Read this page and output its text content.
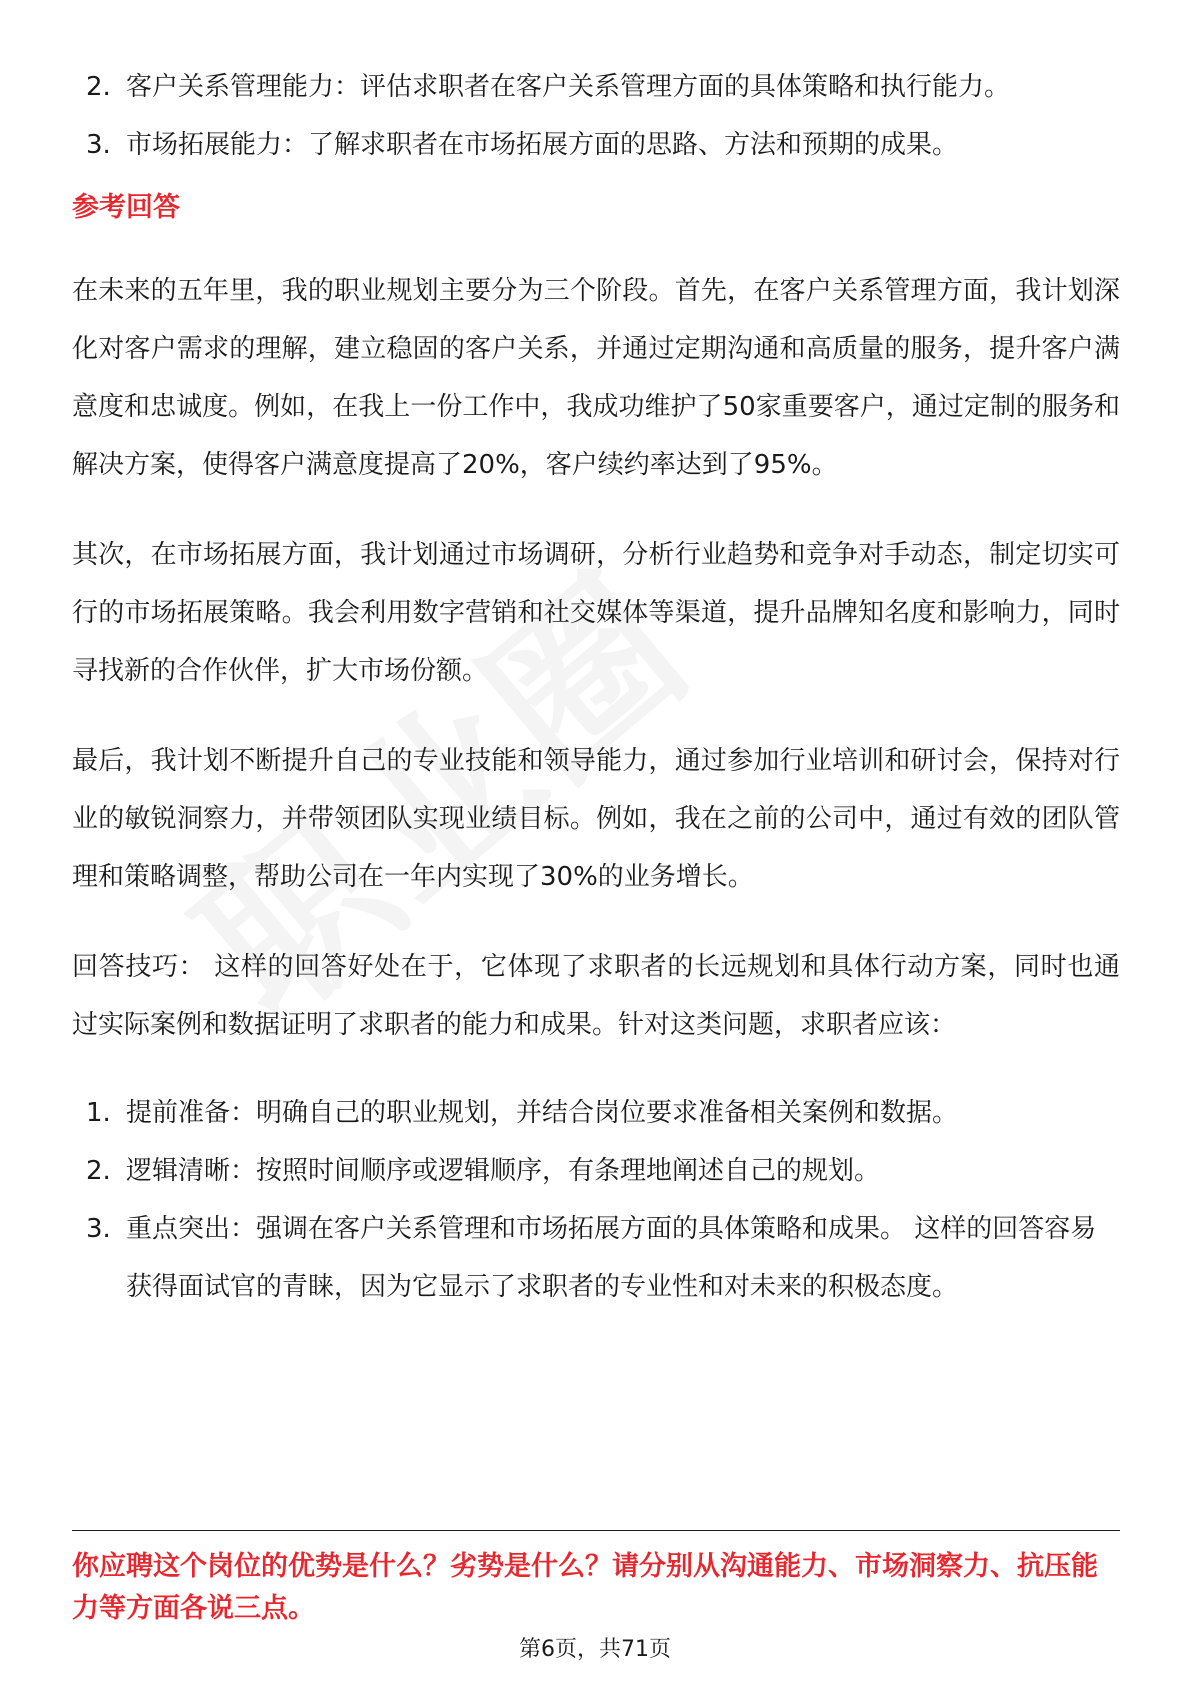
2. 客户关系管理能力：评估求职者在客户关系管理方面的具体策略和执行能力。
3. 市场拓展能力：了解求职者在市场拓展方面的思路、方法和预期的成果。
参考回答

在未来的五年里，我的职业规划主要分为三个阶段。首先，在客户关系管理方面，我计划深化对客户需求的理解，建立稳固的客户关系，并通过定期沟通和高质量的服务，提升客户满意度和忠诚度。例如，在我上一份工作中，我成功维护了50家重要客户，通过定制的服务和解决方案，使得客户满意度提高了20%，客户续约率达到了95%。

其次，在市场拓展方面，我计划通过市场调研，分析行业趋势和竞争对手动态，制定切实可行的市场拓展策略。我会利用数字营销和社交媒体等渠道，提升品牌知名度和影响力，同时寻找新的合作伙伴，扩大市场份额。

最后，我计划不断提升自己的专业技能和领导能力，通过参加行业培训和研讨会，保持对行业的敏锐洞察力，并带领团队实现业绩目标。例如，我在之前的公司中，通过有效的团队管理和策略调整，帮助公司在一年内实现了30%的业务增长。

回答技巧： 这样的回答好处在于，它体现了求职者的长远规划和具体行动方案，同时也通过实际案例和数据证明了求职者的能力和成果。针对这类问题，求职者应该：

1. 提前准备：明确自己的职业规划，并结合岗位要求准备相关案例和数据。
2. 逻辑清晰：按照时间顺序或逻辑顺序，有条理地阐述自己的规划。
3. 重点突出：强调在客户关系管理和市场拓展方面的具体策略和成果。 这样的回答容易获得面试官的青睐，因为它显示了求职者的专业性和对未来的积极态度。
你应聘这个岗位的优势是什么？劣势是什么？请分别从沟通能力、市场洞察力、抗压能力等方面各说三点。
第6页，共71页
